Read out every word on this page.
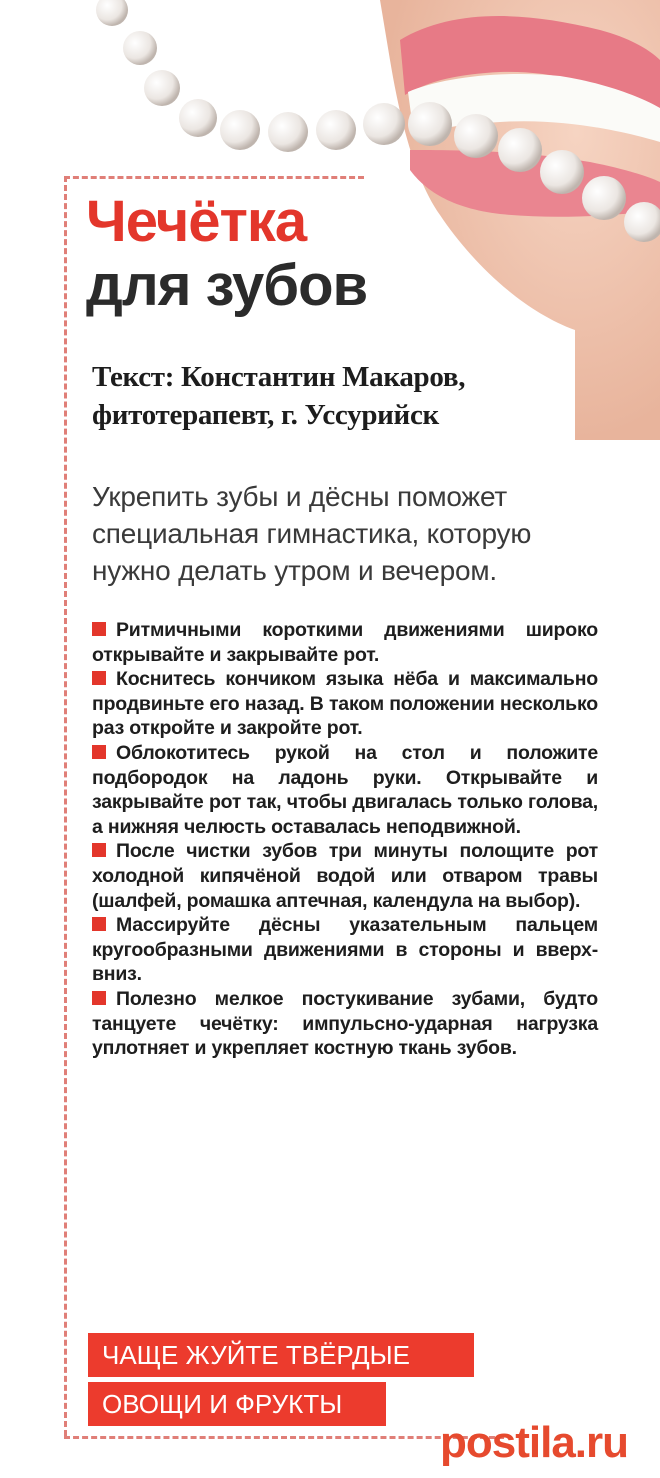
Чечётка
для зубов
Текст: Константин Макаров,
фитотерапевт, г. Уссурийск

Укрепить зубы и дёсны поможет специальная гимнастика, которую нужно делать утром и вечером.

Ритмичными короткими движениями широко открывайте и закрывайте рот.
Коснитесь кончиком языка нёба и максимально продвиньте его назад. В таком положении несколько раз откройте и закройте рот.
Облокотитесь рукой на стол и положите подбородок на ладонь руки. Открывайте и закрывайте рот так, чтобы двигалась только голова, а нижняя челюсть оставалась неподвижной.
После чистки зубов три минуты полощите рот холодной кипячёной водой или отваром травы (шалфей, ромашка аптечная, календула на выбор).
Массируйте дёсны указательным пальцем кругообразными движениями в стороны и вверх-вниз.
Полезно мелкое постукивание зубами, будто танцуете чечётку: импульсно-ударная нагрузка уплотняет и укрепляет костную ткань зубов.
ЧАЩЕ ЖУЙТЕ ТВЁРДЫЕ
ОВОЩИ И ФРУКТЫ
postila.ru
